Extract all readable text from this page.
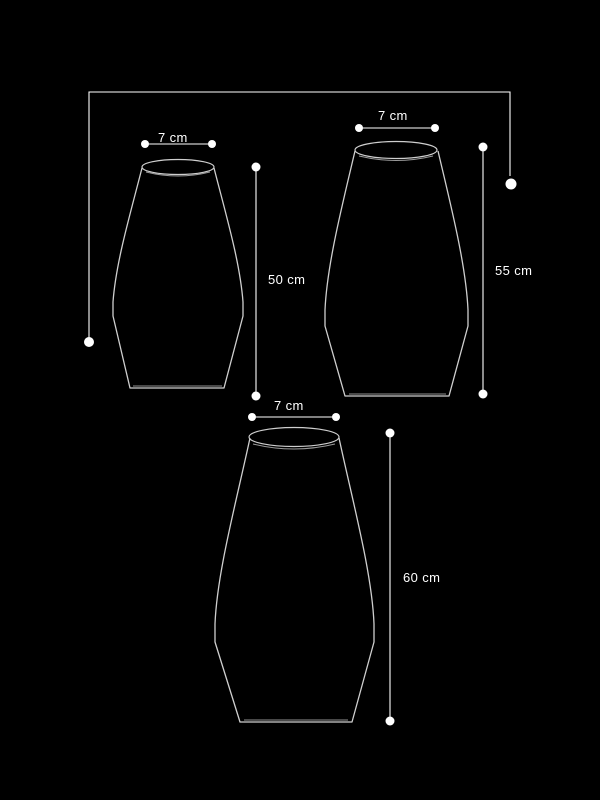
7 cm
50 cm
7 cm
55 cm
7 cm
60 cm
